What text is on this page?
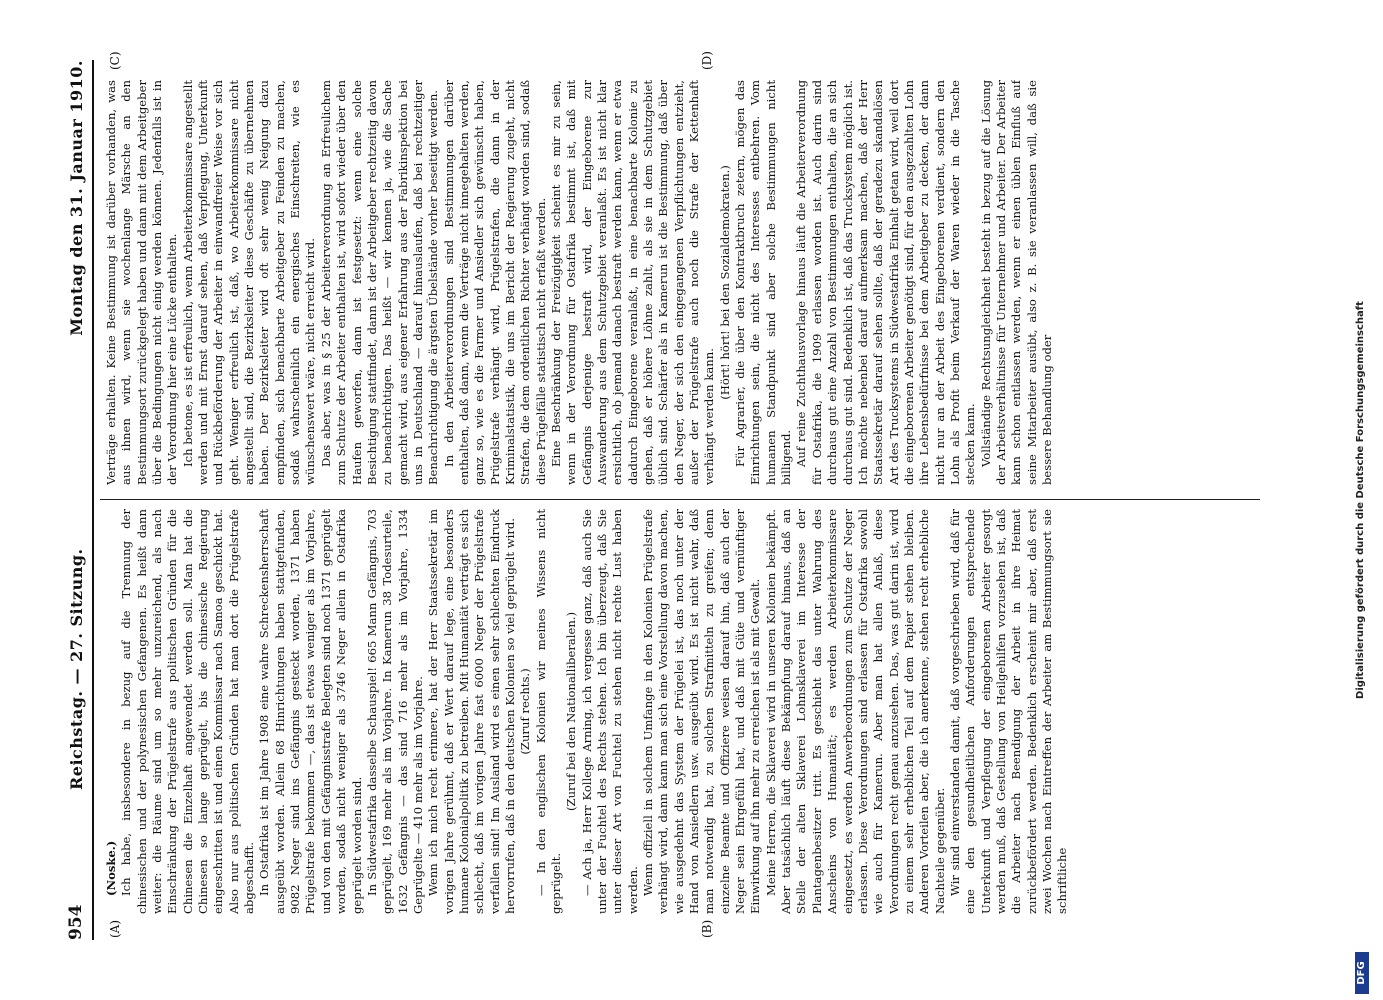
954
Reichstag. — 27. Sitzung.
Montag den 31. Januar 1910.
(A)	(B)
(C)	(D)

(Noske.) Ich habe, insbesondere in bezug auf die Trennung der chinesischen und der polynesischen Gefangenen. Es heißt dann weiter: die Räume sind um so mehr unzureichend, als nach Einschränkung der Prügelstrafe aus politischen Gründen für die Chinesen die Einzelhaft angewendet werden soll. Man hat die Chinesen so lange geprügelt, bis die chinesische Regierung eingeschritten ist und einen Kommissar nach Samoa geschickt hat. Also nur aus politischen Gründen hat man dort die Prügelstrafe abgeschafft. In Ostafrika ist im Jahre 1908 eine wahre Schreckensherrschaft ausgeübt worden. Allein 68 Hinrichtungen haben stattgefunden, 9082 Neger sind ins Gefängnis gesteckt worden, 1371 haben Prügelstrafe bekommen —, das ist etwas weniger als im Vorjahre, und von den mit Gefängnisstrafe Belegten sind noch 1371 geprügelt worden, sodaß nicht weniger als 3746 Neger allein in Ostafrika geprügelt worden sind. In Südwestafrika dasselbe Schauspiel! 665 Mann Gefängnis, 703 geprügelt, 169 mehr als im Vorjahre. In Kamerun 38 Todesurteile, 1632 Gefängnis — das sind 716 mehr als im Vorjahre, 1334 Geprügelte — 410 mehr als im Vorjahre. Wenn ich mich recht erinnere, hat der Herr Staatssekretär im vorigen Jahre gerühmt, daß er Wert darauf lege, eine besonders humane Kolonialpolitik zu betreiben. Mit Humanität verträgt es sich schlecht, daß im vorigen Jahre fast 6000 Neger der Prügelstrafe verfallen sind! Im Ausland wird es einen sehr schlechten Eindruck hervorrufen, daß in den deutschen Kolonien so viel geprügelt wird. (Zuruf rechts.) — In den englischen Kolonien wir meines Wissens nicht geprügelt.

(Zuruf bei den Nationalliberalen.) — Ach ja, Herr Kollege Arning, ich vergesse ganz, daß auch Sie unter der Fuchtel des Rechts stehen. Ich bin überzeugt, daß Sie unter dieser Art von Fuchtel zu stehen nicht rechte Lust haben werden. Wenn offiziell in solchem Umfange in den Kolonien Prügelstrafe verhängt wird, dann kann man sich eine Vorstellung davon machen, wie ausgedehnt das System der Prügelei ist, das noch unter der Hand von Ansiedlern usw. ausgeübt wird. Es ist nicht wahr, daß man notwendig hat, zu solchen Strafmitteln zu greifen; denn einzelne Beamte und Offiziere weisen darauf hin, daß auch der Neger sein Ehrgefühl hat, und daß mit Güte und vernünftiger Einwirkung auf ihn mehr zu erreichen ist als mit Gewalt. Meine Herren, die Sklaverei wird in unseren Kolonien bekämpft. Aber tatsächlich läuft diese Bekämpfung darauf hinaus, daß an Stelle der alten Sklaverei Lohnsklaverei im Interesse der Plantagenbesitzer tritt. Es geschieht das unter Wahrung des Anscheins von Humanität; es werden Arbeiterkommissare eingesetzt, es werden Anwerbeordnungen zum Schutze der Neger erlassen. Diese Verordnungen sind erlassen für Ostafrika sowohl wie auch für Kamerun. Aber man hat allen Anlaß, diese Verordnungen recht genau anzusehen. Das, was gut darin ist, wird zu einem sehr erheblichen Teil auf dem Papier stehen bleiben. Anderen Vorteilen aber, die ich anerkenne, stehen recht erhebliche Nachteile gegenüber. Wir sind einverstanden damit, daß vorgeschrieben wird, daß für eine den gesundheitlichen Anforderungen entsprechende Unterkunft und Verpflegung der eingeborenen Arbeiter gesorgt werden muß, daß Gestellung von Heilgehilfen vorzusehen ist, daß die Arbeiter nach Beendigung der Arbeit in ihre Heimat zurückbefördert werden. Bedenklich erscheint mir aber, daß erst zwei Wochen nach Eintreffen der Arbeiter am Bestimmungsort sie schriftliche

Verträge erhalten. Keine Bestimmung ist darüber vorhanden, was aus ihnen wird, wenn sie wochenlange Märsche an den Bestimmungsort zurückgelegt haben und dann mit dem Arbeitgeber über die Bedingungen nicht einig werden können. Jedenfalls ist in der Verordnung hier eine Lücke enthalten. Ich betone, es ist erfreulich, wenn Arbeiterkommissare angestellt werden und mit Ernst darauf sehen, daß Verpflegung, Unterkunft und Rückbeförderung der Arbeiter in einwandfreier Weise vor sich geht. Weniger erfreulich ist, daß, wo Arbeiterkommissare nicht angestellt sind, die Bezirksleiter diese Geschäfte zu übernehmen haben. Der Bezirksleiter wird oft sehr wenig Neigung dazu empfinden, sich benachbarte Arbeitgeber zu Feinden zu machen, sodaß wahrscheinlich ein energisches Einschreiten, wie es wünschenswert wäre, nicht erreicht wird. Das aber, was in § 25 der Arbeiterverordnung an Erfreulichem zum Schutze der Arbeiter enthalten ist, wird sofort wieder über den Haufen geworfen, dann ist festgesetzt: wenn eine solche Besichtigung stattfindet, dann ist der Arbeitgeber rechtzeitig davon zu benachrichtigen. Das heißt — wir kennen ja, wie die Sache gemacht wird, aus eigener Erfahrung aus der Fabrikinspektion bei uns in Deutschland — darauf hinauslaufen, daß bei rechtzeitiger Benachrichtigung die ärgsten Übelstände vorher beseitigt werden. In den Arbeiterverordnungen sind Bestimmungen darüber enthalten, daß dann, wenn die Verträge nicht innegehalten werden, ganz so, wie es die Farmer und Ansiedler sich gewünscht haben, Prügelstrafe verhängt wird, Prügelstrafen, die dann in der Kriminalstatistik, die uns im Bericht der Regierung zugeht, nicht Strafen, die dem ordentlichen Richter verhängt worden sind, sodaß diese Prügelfälle statistisch nicht erfaßt werden. Eine Beschränkung der Freizügigkeit scheint es mir zu sein, wenn in der Verordnung für Ostafrika bestimmt ist, daß mit Gefängnis derjenige bestraft wird, der Eingeborene zur Auswanderung aus dem Schutzgebiet veranlaßt. Es ist nicht klar ersichtlich, ob jemand danach bestraft werden kann, wenn er etwa dadurch Eingeborene veranlaßt, in eine benachbarte Kolonie zu gehen, daß er höhere Löhne zahlt, als sie in dem Schutzgebiet üblich sind. Schärfer als in Kamerun ist die Bestimmung, daß über den Neger, der sich den eingegangenen Verpflichtungen entzieht, außer der Prügelstrafe auch noch die Strafe der Kettenhaft verhängt werden kann.

(Hört! hört! bei den Sozialdemokraten.) Für Agrarier, die über den Kontraktbruch zetern, mögen das Einrichtungen sein, die nicht des Interesses entbehren. Vom humanen Standpunkt sind aber solche Bestimmungen nicht billigend. Auf reine Zuchthausvorlage hinaus läuft die Arbeiterverordnung für Ostafrika, die 1909 erlassen worden ist. Auch darin sind durchaus gut eine Anzahl von Bestimmungen enthalten, die an sich durchaus gut sind. Bedenklich ist, daß das Trucksystem möglich ist. Ich möchte nebenbei darauf aufmerksam machen, daß der Herr Staatssekretär darauf sehen sollte, daß der geradezu skandalösen Art des Trucksystems in Südwestafrika Einhalt getan wird, weil dort die eingeborenen Arbeiter genötigt sind, für den ausgezahlten Lohn ihre Lebensbedürfnisse bei dem Arbeitgeber zu decken, der dann nicht nur an der Arbeit des Eingeborenen verdient, sondern den Lohn als Profit beim Verkauf der Waren wieder in die Tasche stecken kann. Vollständige Rechtsungleichheit besteht in bezug auf die Lösung der Arbeitsverhältnisse für Unternehmer und Arbeiter. Der Arbeiter kann schon entlassen werden, wenn er einen üblen Einfluß auf seine Mitarbeiter ausübt, also z. B. sie veranlassen will, daß sie bessere Behandlung oder

DFG
Digitalisierung gefördert durch die Deutsche Forschungsgemeinschaft
